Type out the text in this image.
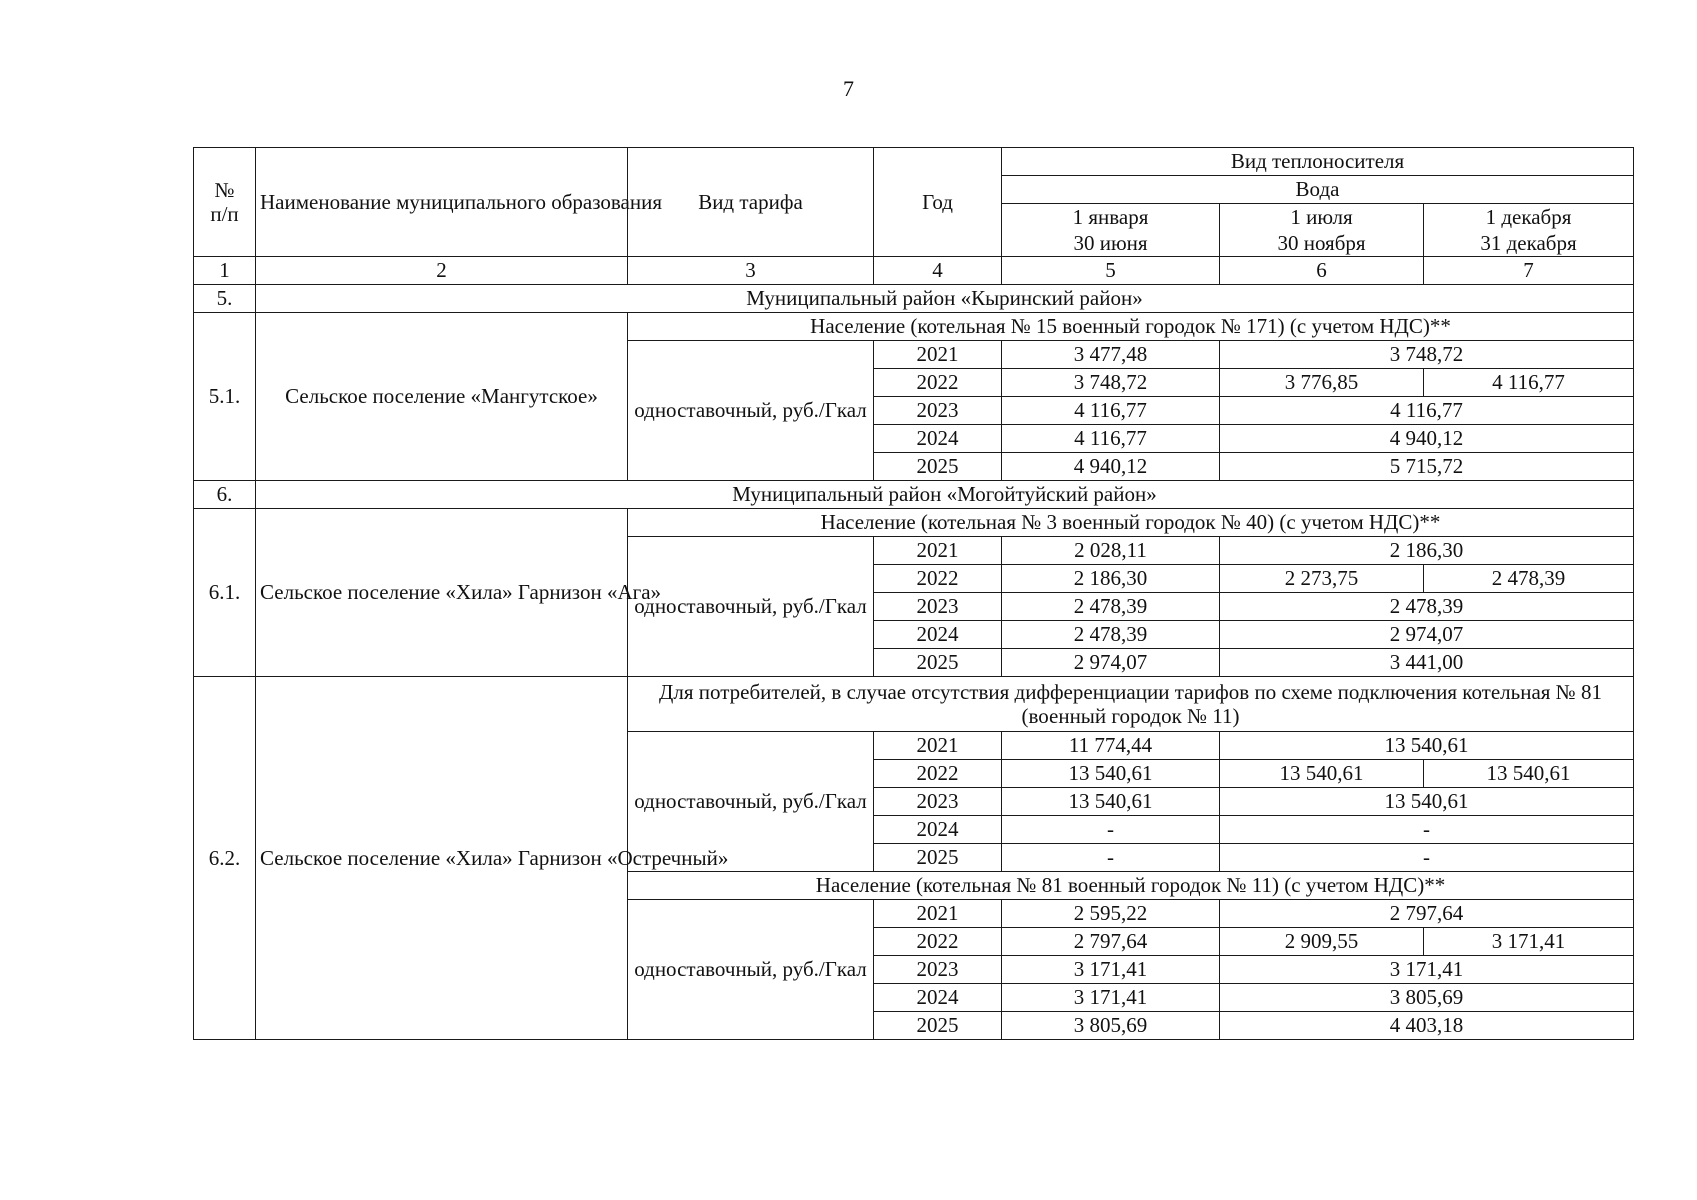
7
№
п/п	Наименование муниципального образования	Вид тарифа	Год	Вид теплоносителя		
				Вода		
				1 января	1 июля	1 декабря
				30 июня	30 ноября	31 декабря
1	2	3	4	5	6	7
5.	Муниципальный район «Кыринский район»					
5.1.	Сельское поселение «Мангутское»	Население (котельная № 15 военный городок № 171) (с учетом НДС)**				
		одноставочный, руб./Гкал	2021	3 477,48	3 748,72	
			2022	3 748,72	3 776,85	4 116,77
			2023	4 116,77	4 116,77	
			2024	4 116,77	4 940,12	
			2025	4 940,12	5 715,72	
6.	Муниципальный район «Могойтуйский район»					
6.1.	Сельское поселение «Хила» Гарнизон «Ага»	Население (котельная № 3 военный городок № 40) (с учетом НДС)**				
		одноставочный, руб./Гкал	2021	2 028,11	2 186,30	
			2022	2 186,30	2 273,75	2 478,39
			2023	2 478,39	2 478,39	
			2024	2 478,39	2 974,07	
			2025	2 974,07	3 441,00	
6.2.	Сельское поселение «Хила» Гарнизон «Остречный»	Для потребителей, в случае отсутствия дифференциации тарифов по схеме подключения котельная № 81 (военный городок № 11)				
		одноставочный, руб./Гкал	2021	11 774,44	13 540,61	
			2022	13 540,61	13 540,61	13 540,61
			2023	13 540,61	13 540,61	
			2024	-	-	
			2025	-	-	
		Население (котельная № 81 военный городок № 11) (с учетом НДС)**				
		одноставочный, руб./Гкал	2021	2 595,22	2 797,64	
			2022	2 797,64	2 909,55	3 171,41
			2023	3 171,41	3 171,41	
			2024	3 171,41	3 805,69	
			2025	3 805,69	4 403,18	
